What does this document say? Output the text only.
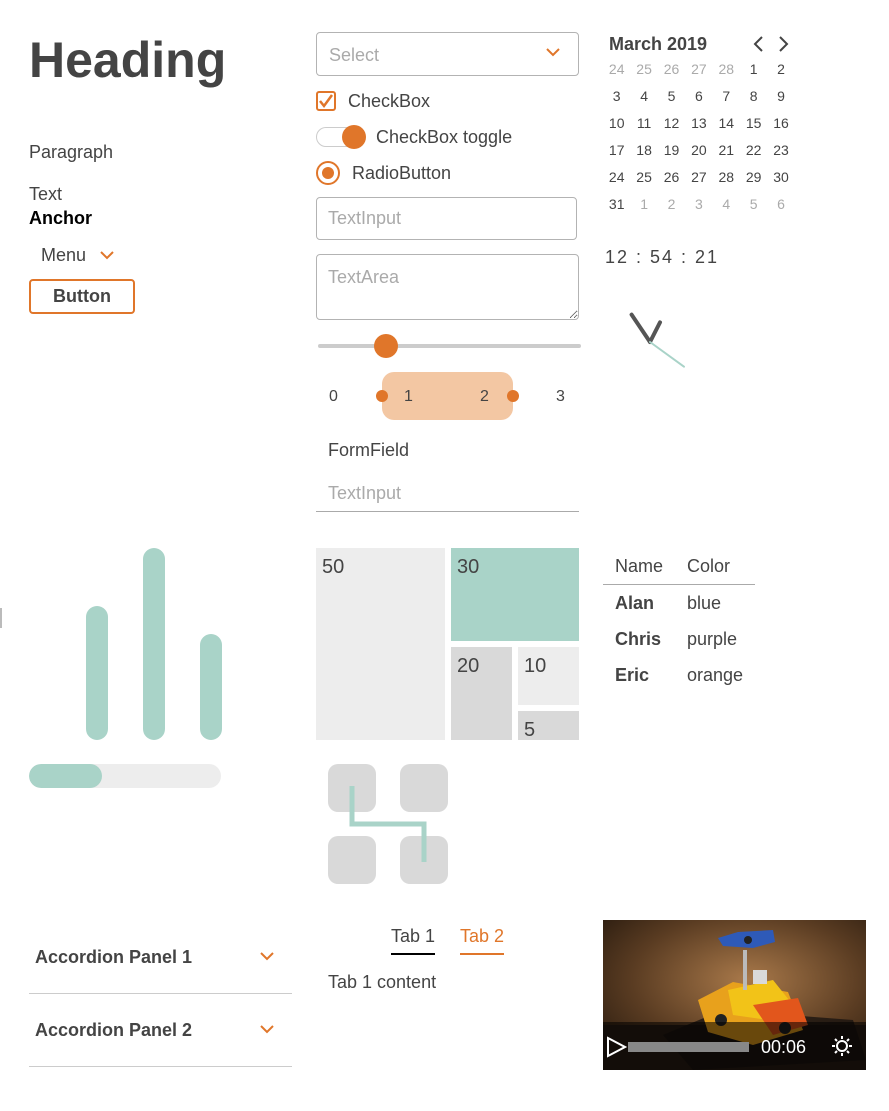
Heading
Paragraph
Text
Anchor
Menu
Button
Select
CheckBox
CheckBox toggle
RadioButton
TextInput
TextArea
0	1	2	3
FormField
TextInput
March 2019
24 25 26 27 28	1	2
3	4	5	6	7	8	9
10 11 12 13 14 15 16
17 18 19 20 21 22 23
24 25 26 27 28 29 30
31	1	2	3	4	5	6
12 : 54 : 21
50	30
20	10
5
Name	Color
Alan	blue
Chris	purple
Eric	orange
Accordion Panel 1
Accordion Panel 2
Tab 1 Tab 2
Tab 1 content
00:06
